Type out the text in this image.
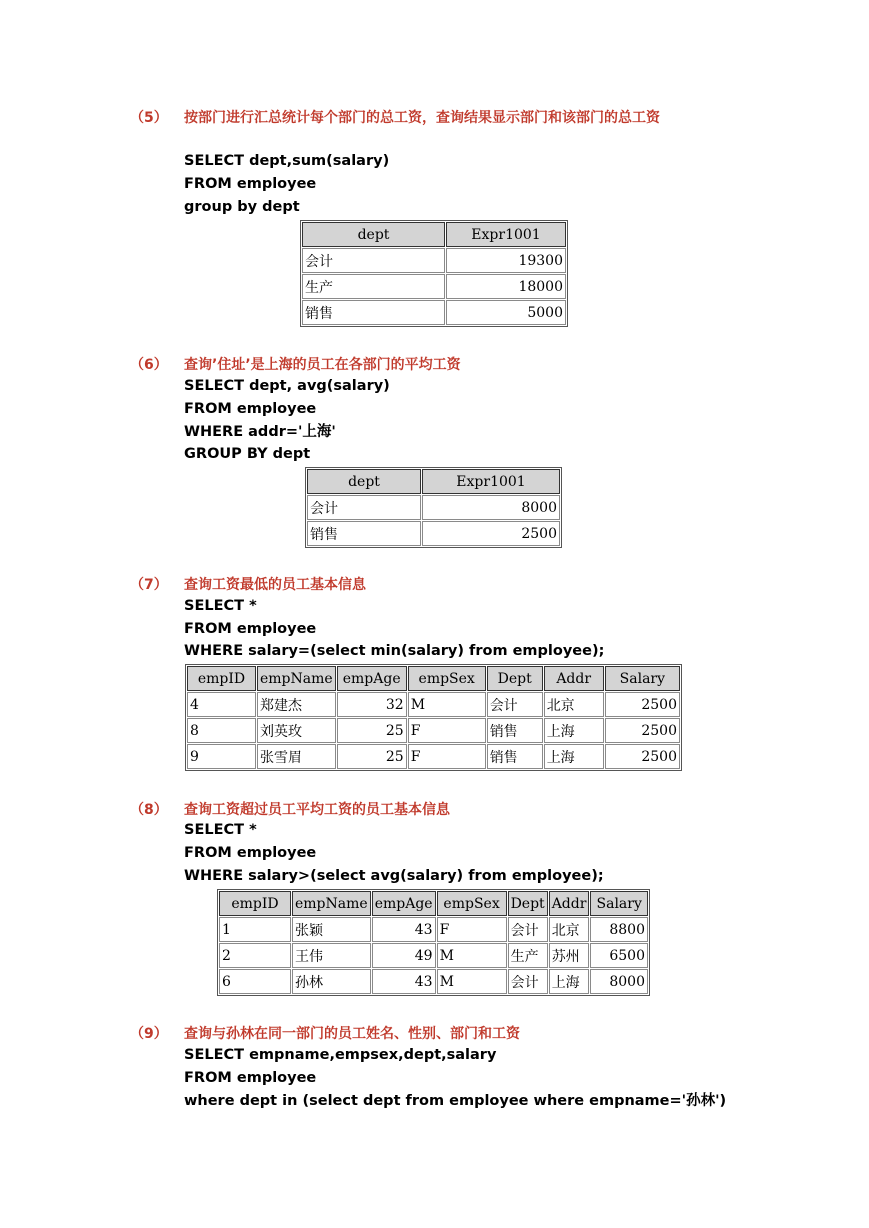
（5） 按部门进行汇总统计每个部门的总工资，查询结果显示部门和该部门的总工资
SELECT dept,sum(salary)
FROM employee
group by dept
dept	Expr1001
会计	19300
生产	18000
销售	5000
（6） 查询’住址’是上海的员工在各部门的平均工资
SELECT dept, avg(salary)
FROM employee
WHERE addr='上海'
GROUP BY dept
dept	Expr1001
会计	8000
销售	2500
（7） 查询工资最低的员工基本信息
SELECT *
FROM employee
WHERE salary=(select min(salary) from employee);
empID	empName	empAge	empSex	Dept	Addr	Salary
4	郑建杰	32	M	会计	北京	2500
8	刘英玫	25	F	销售	上海	2500
9	张雪眉	25	F	销售	上海	2500
（8） 查询工资超过员工平均工资的员工基本信息
SELECT *
FROM employee
WHERE salary>(select avg(salary) from employee);
empID	empName	empAge	empSex	Dept	Addr	Salary
1	张颖	43	F	会计	北京	8800
2	王伟	49	M	生产	苏州	6500
6	孙林	43	M	会计	上海	8000
（9） 查询与孙林在同一部门的员工姓名、性别、部门和工资
SELECT empname,empsex,dept,salary
FROM employee
where dept in (select dept from employee where empname='孙林')
